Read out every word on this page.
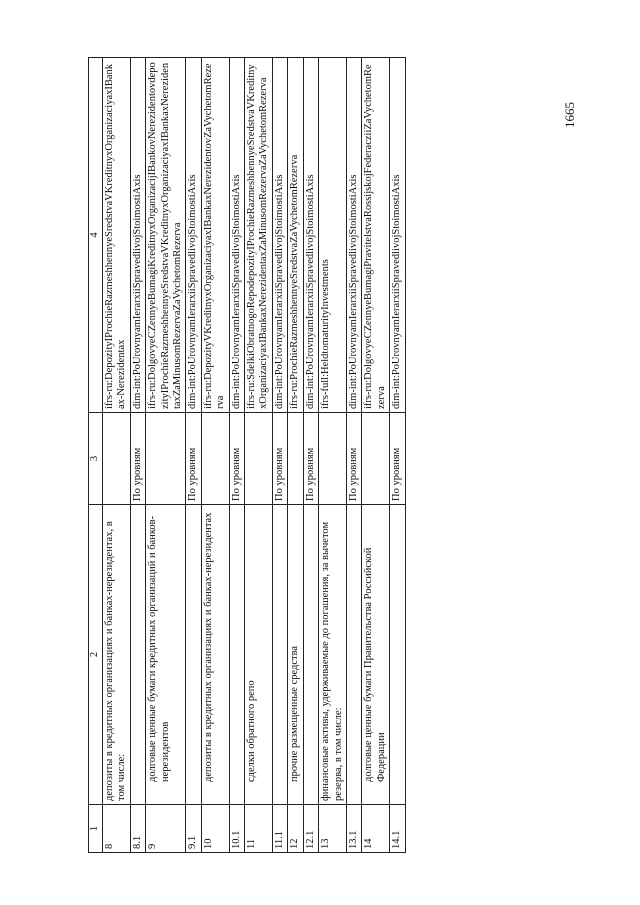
1665
1	2	3	4
8	депозиты в кредитных организациях и банках-нерезидентах, в том числе:		ifrs-ru:DepozityIProchieRazmeshhennyeSredstvaVKreditnyxOrganizaciyaxIBankax-Nerezidentax
8.1		По уровням	dim-int:PoUrovnyamIerarxiiSpravedlivojStoimostiAxis
9	долговые ценные бумаги кредитных организаций и банков-нерезидентов		ifrs-ru:DolgovyeCZennyeBumagiKreditnyxOrganizacijIBankovNerezidentovdepozityIProchieRazmeshhennyeSredstvaVKreditnyxOrganizaciyaxIBankaxNerezidentaxZaMinusomRezervaZaVychetomRezerva
9.1		По уровням	dim-int:PoUrovnyamIerarxiiSpravedlivojStoimostiAxis
10	депозиты в кредитных организациях и банках-нерезидентах		ifrs-ru:DepozityVKreditnyxOrganizaciyaxIBankaxNerezidentovZaVychetomRezerva
10.1		По уровням	dim-int:PoUrovnyamIerarxiiSpravedlivojStoimostiAxis
11	сделки обратного репо		ifrs-ru:SdelkiObratnogoRepodepozityIProchieRazmeshhennyeSredstvaVKreditnyxOrganizaciyaxIBankaxNerezidentaxZaMinusomRezervaZaVychetomRezerva
11.1		По уровням	dim-int:PoUrovnyamIerarxiiSpravedlivojStoimostiAxis
12	прочие размещенные средства		ifrs-ru:ProchieRazmeshhennyeSredstvaZaVychetomRezerva
12.1		По уровням	dim-int:PoUrovnyamIerarxiiSpravedlivojStoimostiAxis
13	финансовые активы, удерживаемые до погашения, за вычетом резерва, в том числе:		ifrs-full:HeldtomaturityInvestments
13.1		По уровням	dim-int:PoUrovnyamIerarxiiSpravedlivojStoimostiAxis
14	долговые ценные бумаги Правительства Российской Федерации		ifrs-ru:DolgovyeCZennyeBumagiPravitelstvaRossijskojFederacziiZaVychetomRezerva
14.1		По уровням	dim-int:PoUrovnyamIerarxiiSpravedlivojStoimostiAxis
